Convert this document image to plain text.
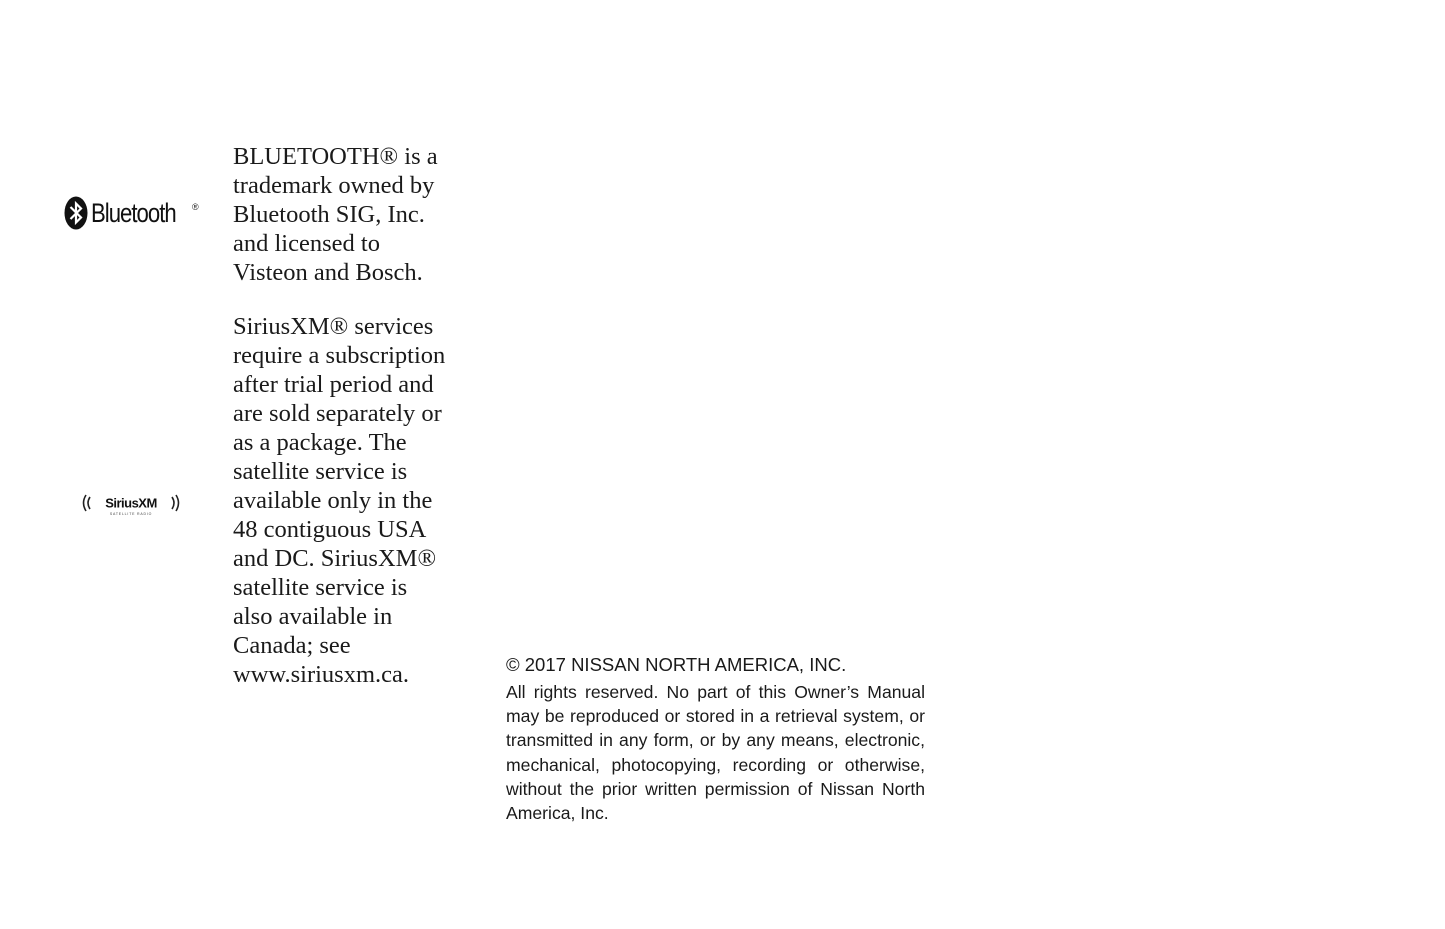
Bluetooth ®
SiriusXM
SATELLITE RADIO

BLUETOOTH® is a
trademark owned by
Bluetooth SIG, Inc.
and licensed to
Visteon and Bosch.

SiriusXM® services
require a subscription
after trial period and
are sold separately or
as a package. The
satellite service is
available only in the
48 contiguous USA
and DC. SiriusXM®
satellite service is
also available in
Canada; see
www.siriusxm.ca.	© 2017 NISSAN NORTH AMERICA, INC.

All rights reserved. No part of this Owner’s Manual may be reproduced or stored in a retrieval system, or transmitted in any form, or by any means, electronic, mechanical, photocopying, recording or otherwise, without the prior written permission of Nissan North America, Inc.
